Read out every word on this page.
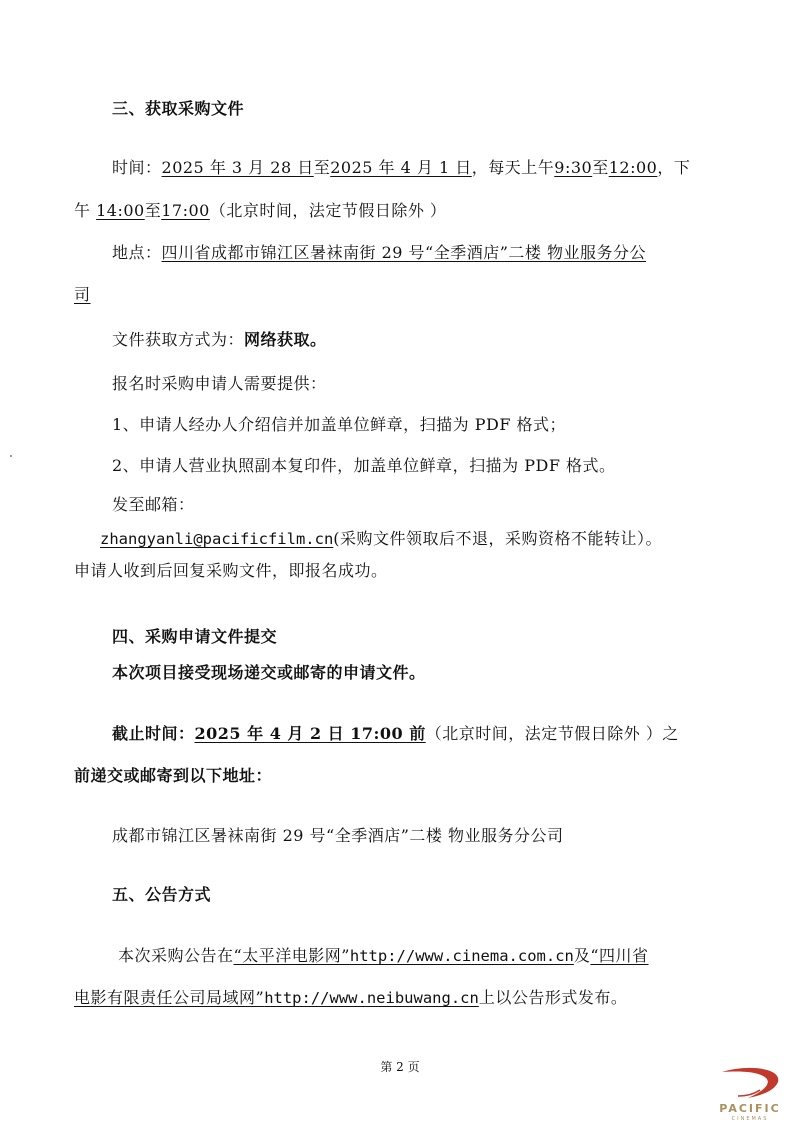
三、获取采购文件
时间：2025 年 3 月 28 日至2025 年 4 月 1 日，每天上午9:30至12:00，下
午 14:00至17:00（北京时间，法定节假日除外 ）
地点：四川省成都市锦江区暑袜南街 29 号“全季酒店”二楼 物业服务分公
司
文件获取方式为：网络获取。
报名时采购申请人需要提供：
1、申请人经办人介绍信并加盖单位鲜章，扫描为 PDF 格式；
2、申请人营业执照副本复印件，加盖单位鲜章，扫描为 PDF 格式。
发至邮箱：
zhangyanli@pacificfilm.cn(采购文件领取后不退，采购资格不能转让）。
申请人收到后回复采购文件，即报名成功。
四、采购申请文件提交
本次项目接受现场递交或邮寄的申请文件。
截止时间：2025 年 4 月 2 日 17:00 前（北京时间，法定节假日除外 ）之
前递交或邮寄到以下地址：
成都市锦江区暑袜南街 29 号“全季酒店”二楼 物业服务分公司
五、公告方式
本次采购公告在“太平洋电影网”http://www.cinema.com.cn及“四川省
电影有限责任公司局域网”http://www.neibuwang.cn上以公告形式发布。
第 2 页
PACIFIC
CINEMAS
